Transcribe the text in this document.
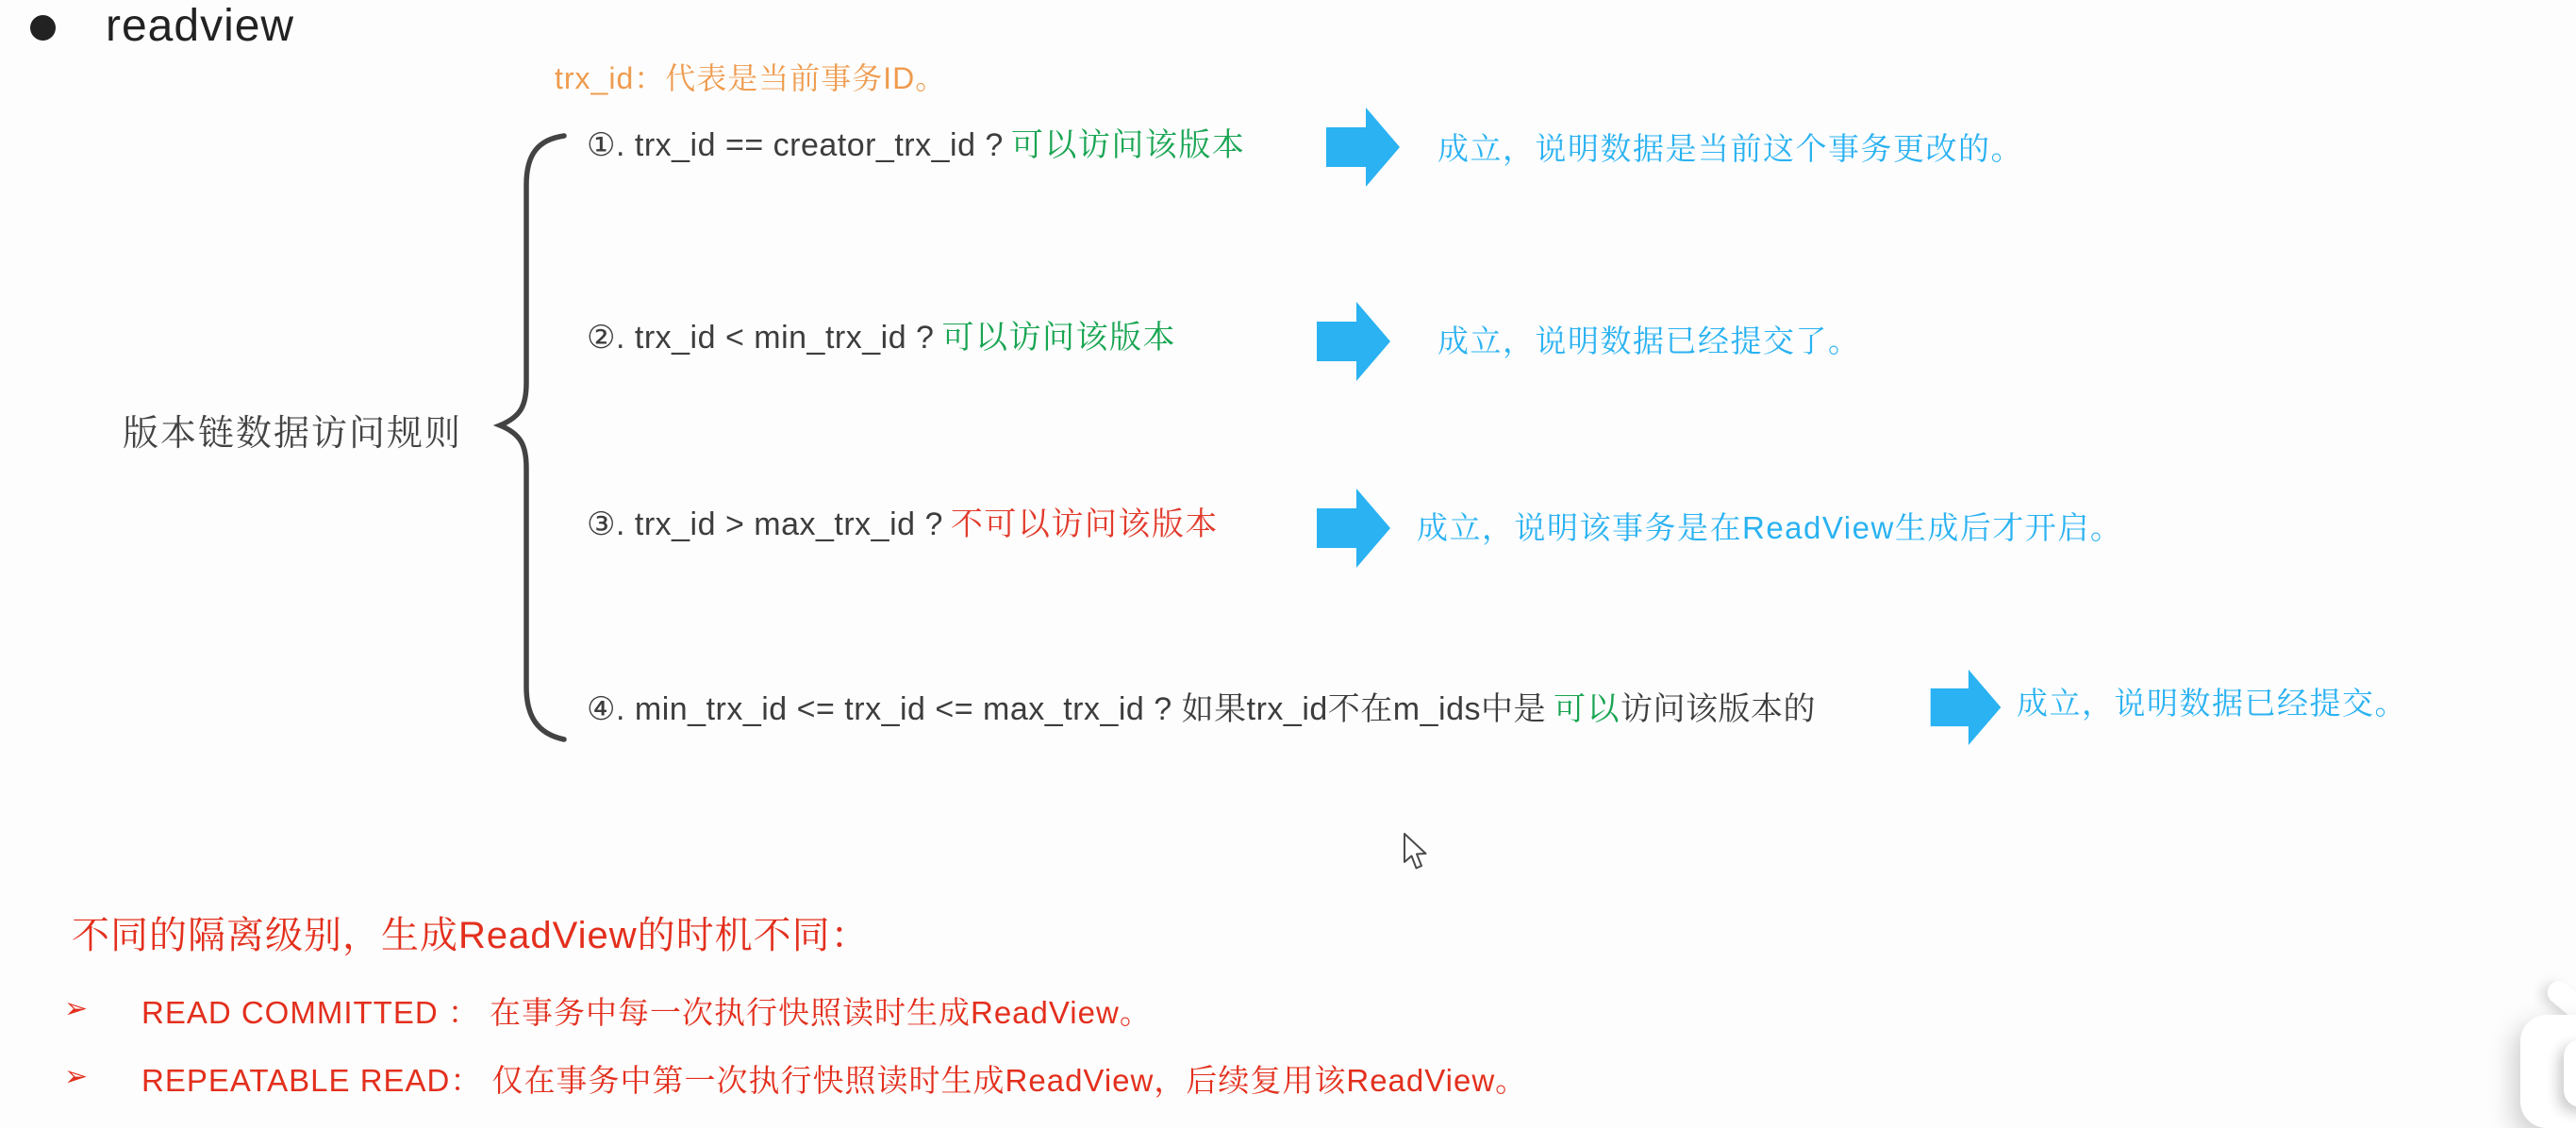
readview
trx_id：代表是当前事务ID。
版本链数据访问规则
①. trx_id == creator_trx_id ? 可以访问该版本	成立，说明数据是当前这个事务更改的。
②. trx_id < min_trx_id ? 可以访问该版本	成立，说明数据已经提交了。
③. trx_id > max_trx_id ? 不可以访问该版本	成立，说明该事务是在ReadView生成后才开启。
④. min_trx_id <= trx_id <= max_trx_id ? 如果trx_id不在m_ids中是 可以访问该版本的	成立，说明数据已经提交。
不同的隔离级别，生成ReadView的时机不同：
➢ READ COMMITTED ： 在事务中每一次执行快照读时生成ReadView。
➢ REPEATABLE READ： 仅在事务中第一次执行快照读时生成ReadView，后续复用该ReadView。
